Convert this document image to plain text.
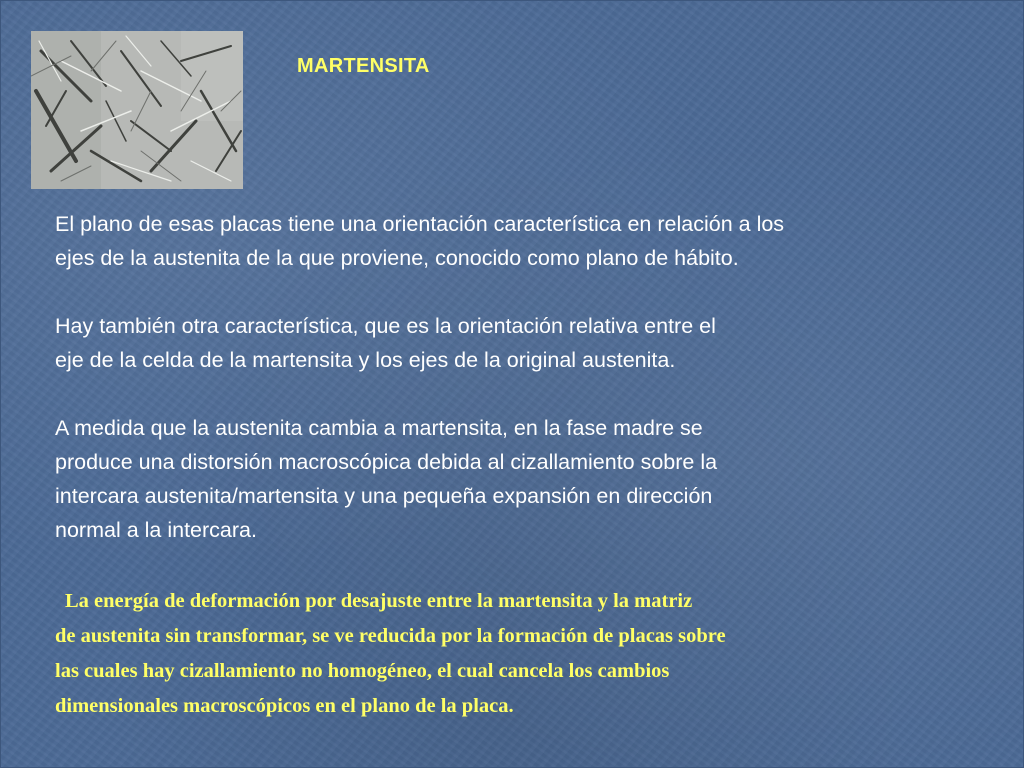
MARTENSITA

El plano de esas placas tiene una orientación característica en relación a los
ejes de la austenita de la que proviene, conocido como plano de hábito.

Hay también otra característica, que es la orientación relativa entre el
eje de la celda de la martensita y los ejes de la original austenita.

A medida que la austenita cambia a martensita, en la fase madre se
produce una distorsión macroscópica debida al cizallamiento sobre la
intercara austenita/martensita y una pequeña expansión en dirección
normal a la intercara.

La energía de deformación por desajuste entre la martensita y la matriz
de austenita sin transformar, se ve reducida por la formación de placas sobre
las cuales hay cizallamiento no homogéneo, el cual cancela los cambios
dimensionales macroscópicos en el plano de la placa.
